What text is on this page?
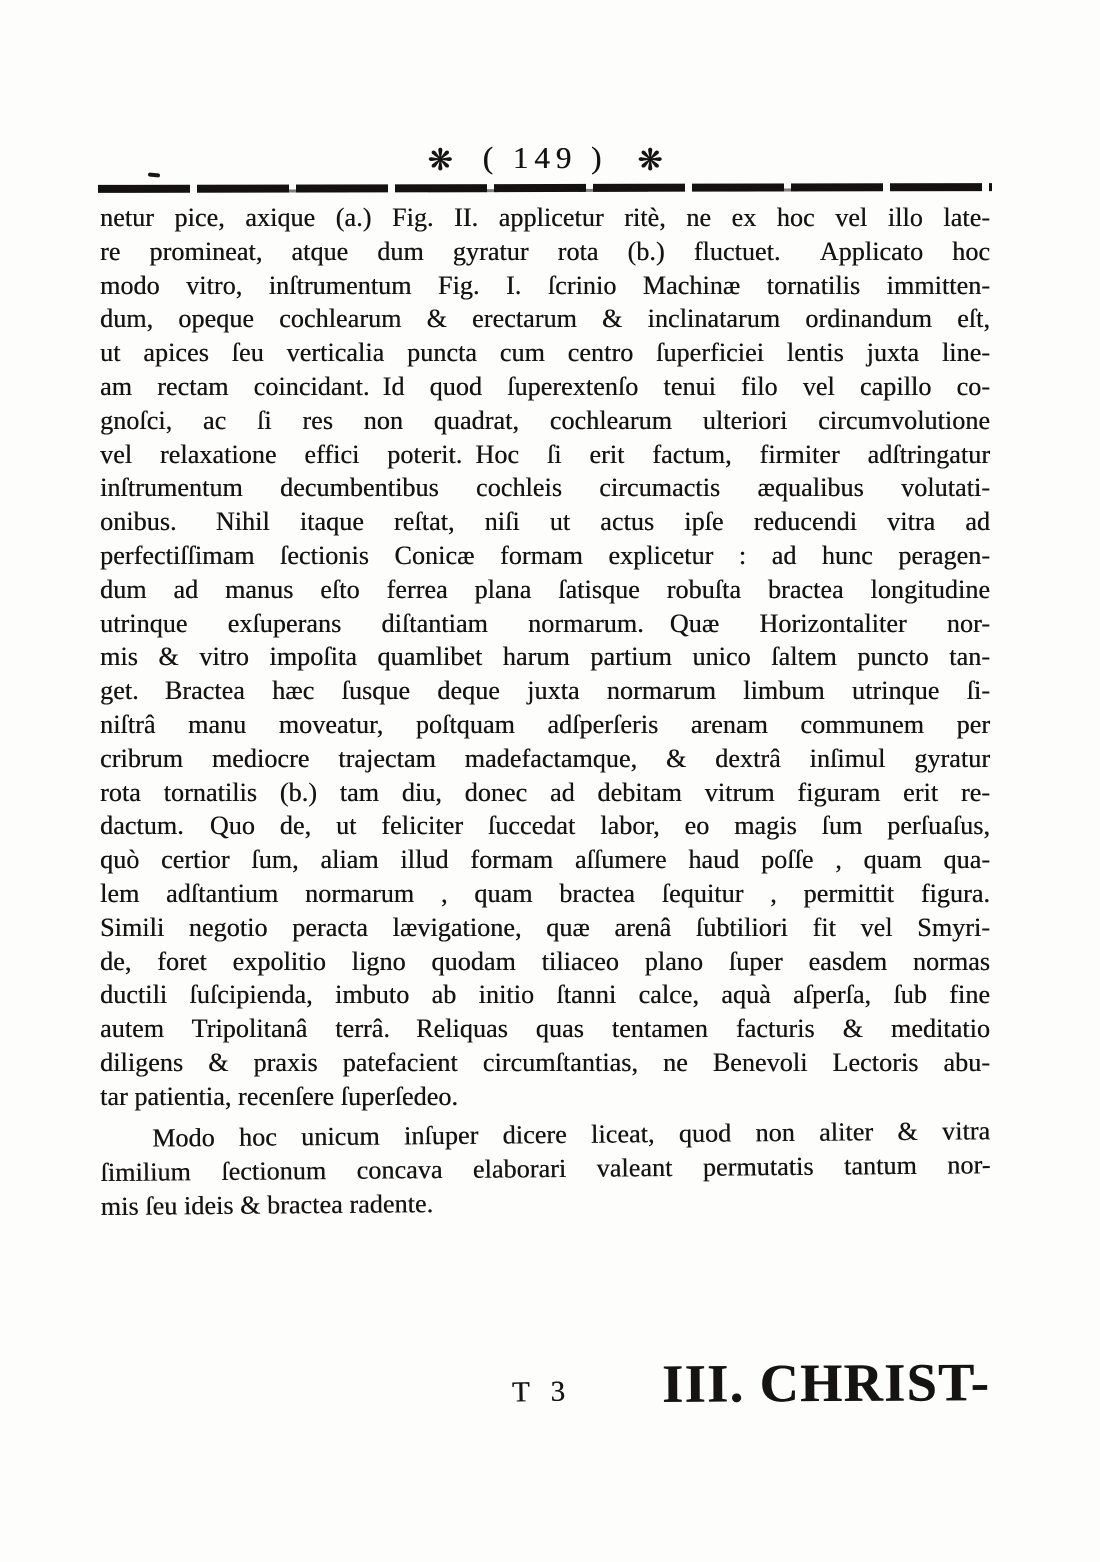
❋ ( 149 ) ❋
netur pice, axique (a.) Fig. II. applicetur ritè, ne ex hoc vel illo late-
re promineat, atque dum gyratur rota (b.) fluctuet.  Applicato hoc
modo vitro, inſtrumentum Fig. I. ſcrinio Machinæ tornatilis immitten-
dum, opeque cochlearum & erectarum & inclinatarum ordinandum eſt,
ut apices ſeu verticalia puncta cum centro ſuperficiei lentis juxta line-
am rectam coincidant. Id quod ſuperextenſo tenui filo vel capillo co-
gnoſci, ac ſi res non quadrat, cochlearum ulteriori circumvolutione
vel relaxatione effici poterit. Hoc ſi erit factum, firmiter adſtringatur
inſtrumentum decumbentibus cochleis circumactis æqualibus volutati-
onibus.  Nihil itaque reſtat, niſi ut actus ipſe reducendi vitra ad
perfectiſſimam ſectionis Conicæ formam explicetur : ad hunc peragen-
dum ad manus eſto ferrea plana ſatisque robuſta bractea longitudine
utrinque exſuperans diſtantiam normarum. Quæ Horizontaliter nor-
mis & vitro impoſita quamlibet harum partium unico ſaltem puncto tan-
get. Bractea hæc ſusque deque juxta normarum limbum utrinque ſi-
niſtrâ manu moveatur, poſtquam adſperſeris arenam communem per
cribrum mediocre trajectam madefactamque, & dextrâ inſimul gyratur
rota tornatilis (b.) tam diu, donec ad debitam vitrum figuram erit re-
dactum. Quo de, ut feliciter ſuccedat labor, eo magis ſum perſuaſus,
quò certior ſum, aliam illud formam aſſumere haud poſſe , quam qua-
lem adſtantium normarum , quam bractea ſequitur , permittit figura.
Simili negotio peracta lævigatione, quæ arenâ ſubtiliori fit vel Smyri-
de, foret expolitio ligno quodam tiliaceo plano ſuper easdem normas
ductili ſuſcipienda, imbuto ab initio ſtanni calce, aquà aſperſa, ſub fine
autem Tripolitanâ terrâ. Reliquas quas tentamen facturis & meditatio
diligens & praxis patefacient circumſtantias, ne Benevoli Lectoris abu-
tar patientia, recenſere ſuperſedeo.
Modo hoc unicum inſuper dicere liceat, quod non aliter & vitra
ſimilium ſectionum concava elaborari valeant permutatis tantum nor-
mis ſeu ideis & bractea radente.
T 3 III. CHRIST-
